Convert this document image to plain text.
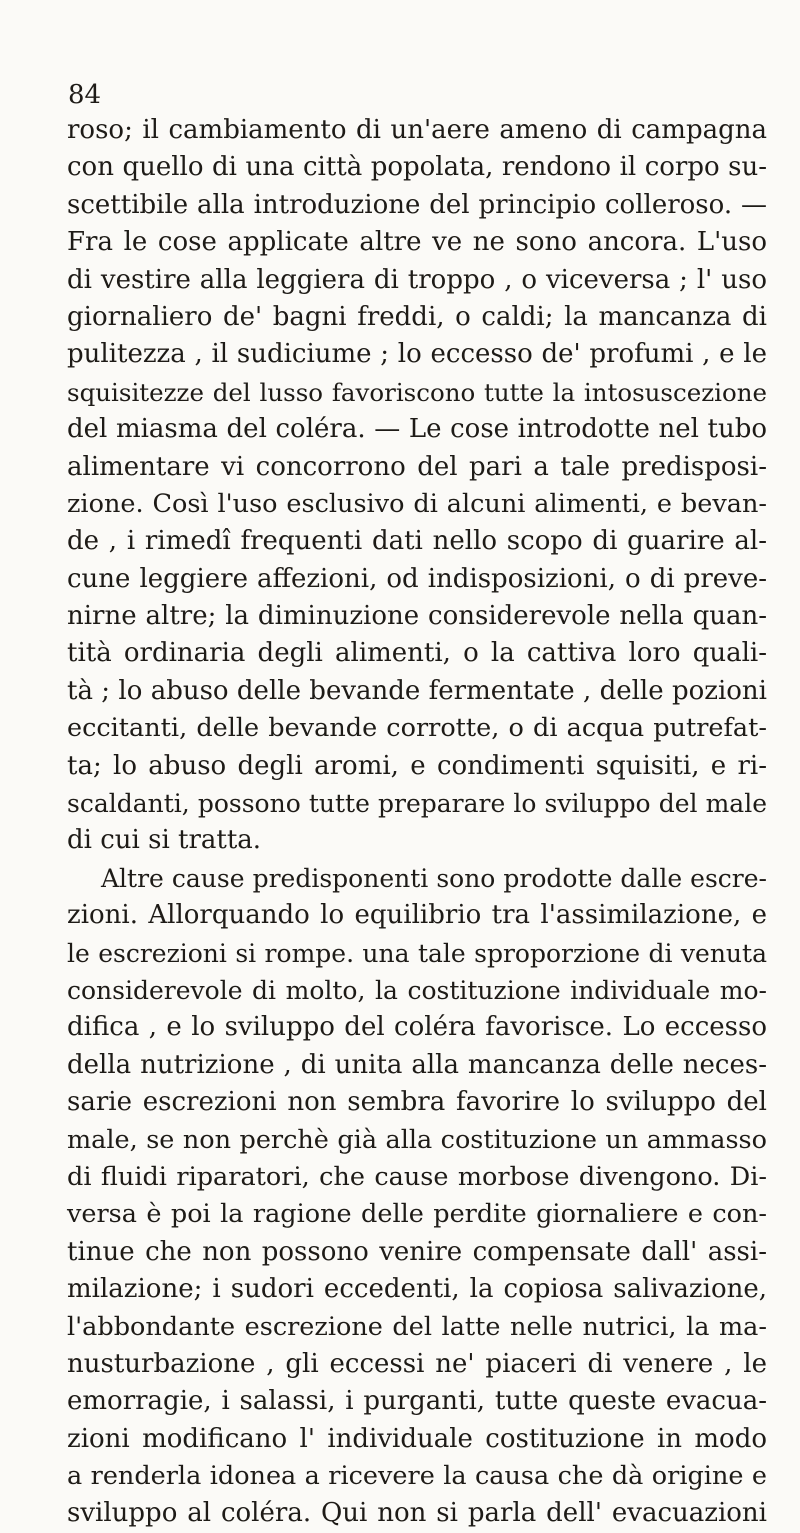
84
roso; il cambiamento di un'aere ameno di campagna
con quello di una città popolata, rendono il corpo su-
scettibile alla introduzione del principio colleroso. —
Fra le cose applicate altre ve ne sono ancora. L'uso
di vestire alla leggiera di troppo , o viceversa ; l' uso
giornaliero de' bagni freddi, o caldi; la mancanza di
pulitezza , il sudiciume ; lo eccesso de' profumi , e le
squisitezze del lusso favoriscono tutte la intosuscezione
del miasma del coléra. — Le cose introdotte nel tubo
alimentare vi concorrono del pari a tale predisposi-
zione. Così l'uso esclusivo di alcuni alimenti, e bevan-
de , i rimedî frequenti dati nello scopo di guarire al-
cune leggiere affezioni, od indisposizioni, o di preve-
nirne altre; la diminuzione considerevole nella quan-
tità ordinaria degli alimenti, o la cattiva loro quali-
tà ; lo abuso delle bevande fermentate , delle pozioni
eccitanti, delle bevande corrotte, o di acqua putrefat-
ta; lo abuso degli aromi, e condimenti squisiti, e ri-
scaldanti, possono tutte preparare lo sviluppo del male
di cui si tratta.
Altre cause predisponenti sono prodotte dalle escre-
zioni. Allorquando lo equilibrio tra l'assimilazione, e
le escrezioni si rompe. una tale sproporzione di venuta
considerevole di molto, la costituzione individuale mo-
difica , e lo sviluppo del coléra favorisce. Lo eccesso
della nutrizione , di unita alla mancanza delle neces-
sarie escrezioni non sembra favorire lo sviluppo del
male, se non perchè già alla costituzione un ammasso
di fluidi riparatori, che cause morbose divengono. Di-
versa è poi la ragione delle perdite giornaliere e con-
tinue che non possono venire compensate dall' assi-
milazione; i sudori eccedenti, la copiosa salivazione,
l'abbondante escrezione del latte nelle nutrici, la ma-
nusturbazione , gli eccessi ne' piaceri di venere , le
emorragie, i salassi, i purganti, tutte queste evacua-
zioni modificano l' individuale costituzione in modo
a renderla idonea a ricevere la causa che dà origine e
sviluppo al coléra. Qui non si parla dell' evacuazioni
